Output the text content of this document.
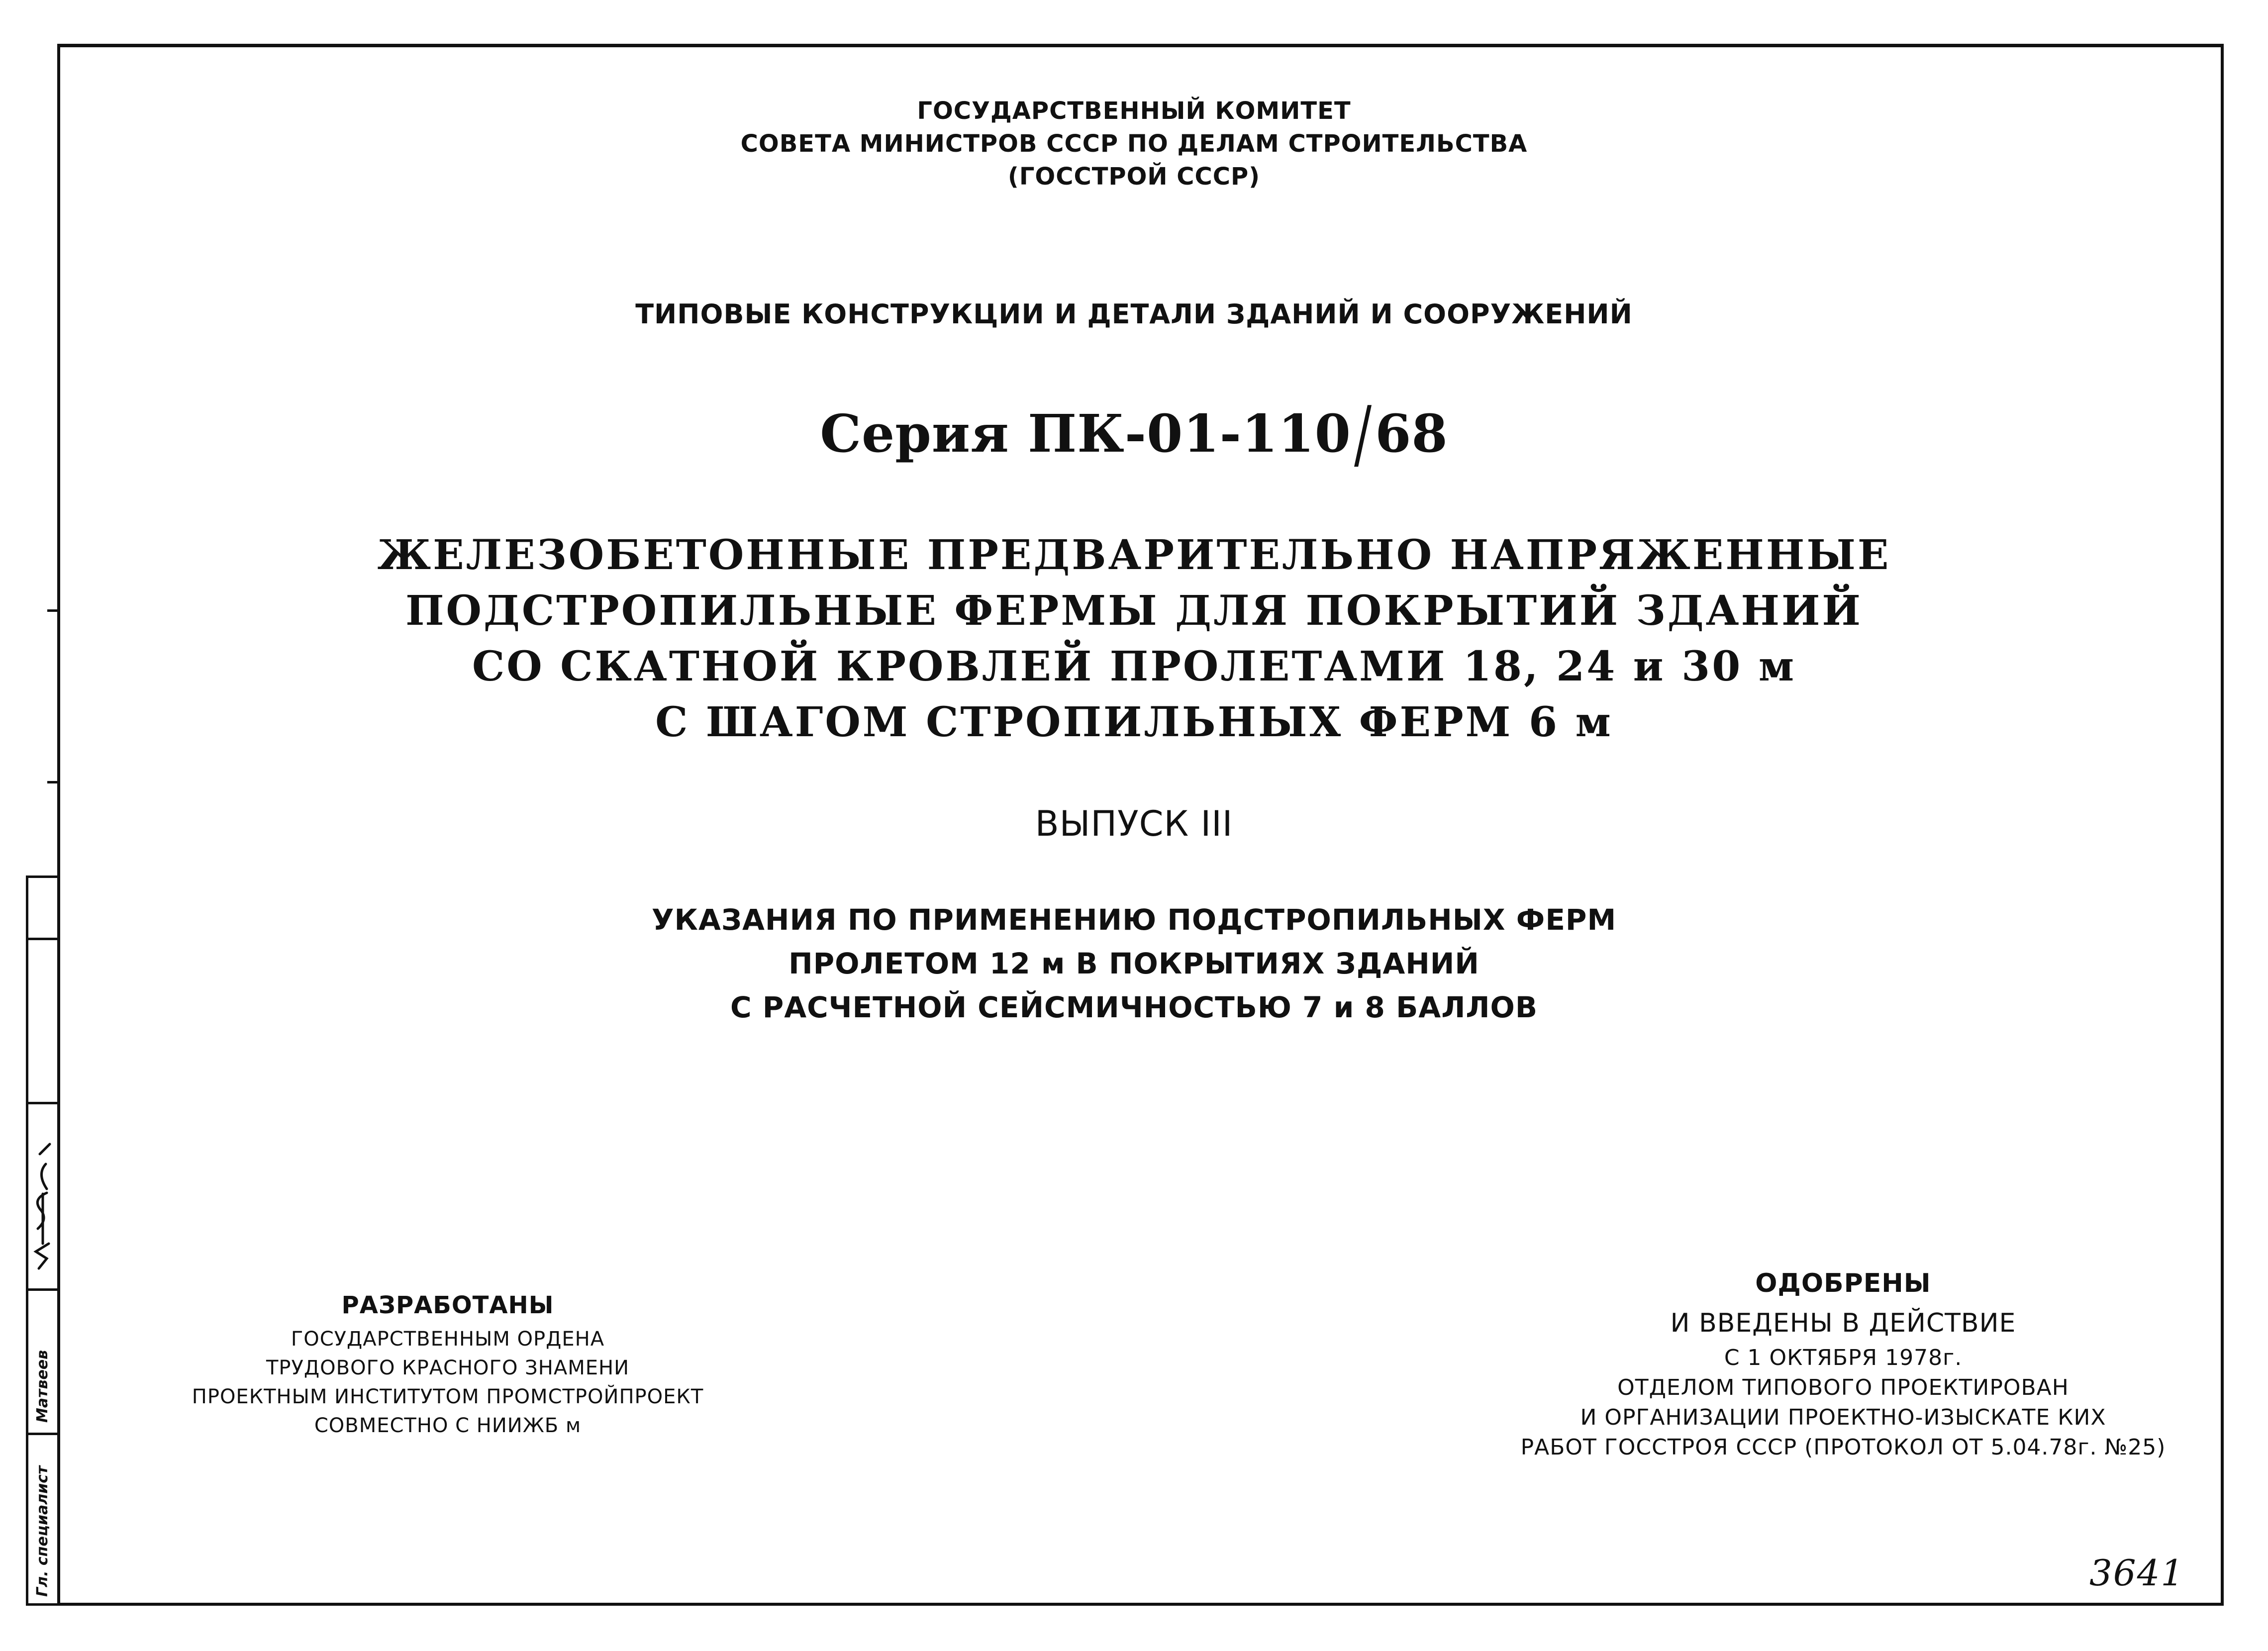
Матвеев
Гл. специалист
ГОСУДАРСТВЕННЫЙ КОМИТЕТ
СОВЕТА МИНИСТРОВ СССР ПО ДЕЛАМ СТРОИТЕЛЬСТВА
(ГОССТРОЙ СССР)
ТИПОВЫЕ КОНСТРУКЦИИ И ДЕТАЛИ ЗДАНИЙ И СООРУЖЕНИЙ
Серия ПК-01-110/68
ЖЕЛЕЗОБЕТОННЫЕ ПРЕДВАРИТЕЛЬНО НАПРЯЖЕННЫЕ
ПОДСТРОПИЛЬНЫЕ ФЕРМЫ ДЛЯ ПОКРЫТИЙ ЗДАНИЙ
СО СКАТНОЙ КРОВЛЕЙ ПРОЛЕТАМИ 18, 24 и 30 м
С ШАГОМ СТРОПИЛЬНЫХ ФЕРМ 6 м
ВЫПУСК III
УКАЗАНИЯ ПО ПРИМЕНЕНИЮ ПОДСТРОПИЛЬНЫХ ФЕРМ
ПРОЛЕТОМ 12 м В ПОКРЫТИЯХ ЗДАНИЙ
С РАСЧЕТНОЙ СЕЙСМИЧНОСТЬЮ 7 и 8 БАЛЛОВ
РАЗРАБОТАНЫ
ГОСУДАРСТВЕННЫМ ОРДЕНА
ТРУДОВОГО КРАСНОГО ЗНАМЕНИ
ПРОЕКТНЫМ ИНСТИТУТОМ ПРОМСТРОЙПРОЕКТ
СОВМЕСТНО С НИИЖБ м
ОДОБРЕНЫ
И ВВЕДЕНЫ В ДЕЙСТВИЕ
С 1 ОКТЯБРЯ 1978г.
ОТДЕЛОМ ТИПОВОГО ПРОЕКТИРОВАН
И ОРГАНИЗАЦИИ ПРОЕКТНО-ИЗЫСКАТЕ КИХ
РАБОТ ГОССТРОЯ СССР (ПРОТОКОЛ ОТ 5.04.78г. №25)
3641
